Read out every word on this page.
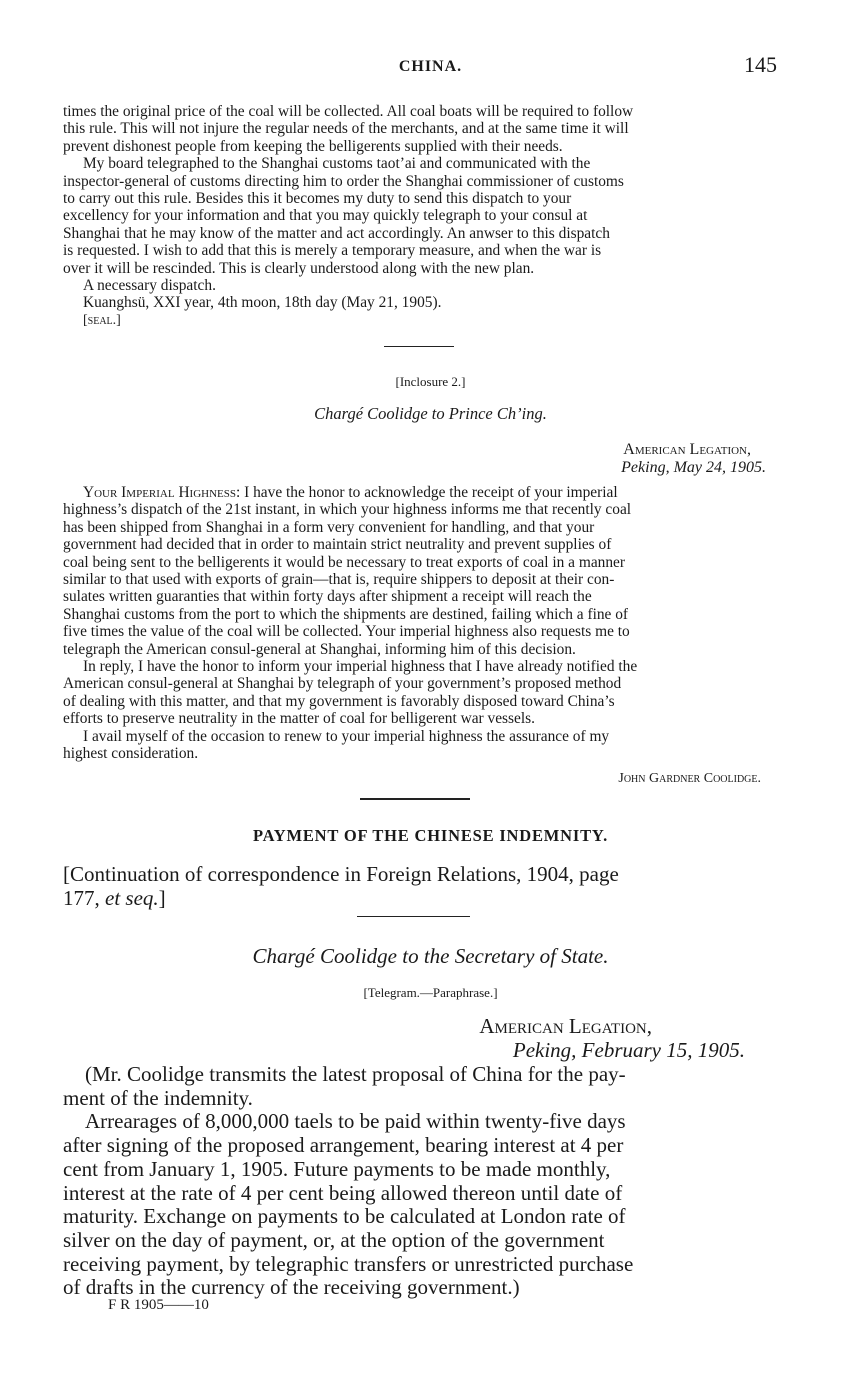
CHINA.	145

times the original price of the coal will be collected. All coal boats will be required to follow
this rule. This will not injure the regular needs of the merchants, and at the same time it will
prevent dishonest people from keeping the belligerents supplied with their needs.

My board telegraphed to the Shanghai customs taot’ai and communicated with the
inspector-general of customs directing him to order the Shanghai commissioner of customs
to carry out this rule. Besides this it becomes my duty to send this dispatch to your
excellency for your information and that you may quickly telegraph to your consul at
Shanghai that he may know of the matter and act accordingly. An anwser to this dispatch
is requested. I wish to add that this is merely a temporary measure, and when the war is
over it will be rescinded. This is clearly understood along with the new plan.

A necessary dispatch.

Kuanghsü, XXI year, 4th moon, 18th day (May 21, 1905).

[seal.]

[Inclosure 2.]
Chargé Coolidge to Prince Ch’ing.
American Legation,
Peking, May 24, 1905.

Your Imperial Highness: I have the honor to acknowledge the receipt of your imperial
highness’s dispatch of the 21st instant, in which your highness informs me that recently coal
has been shipped from Shanghai in a form very convenient for handling, and that your
government had decided that in order to maintain strict neutrality and prevent supplies of
coal being sent to the belligerents it would be necessary to treat exports of coal in a manner
similar to that used with exports of grain—that is, require shippers to deposit at their con-
sulates written guaranties that within forty days after shipment a receipt will reach the
Shanghai customs from the port to which the shipments are destined, failing which a fine of
five times the value of the coal will be collected. Your imperial highness also requests me to
telegraph the American consul-general at Shanghai, informing him of this decision.

In reply, I have the honor to inform your imperial highness that I have already notified the
American consul-general at Shanghai by telegraph of your government’s proposed method
of dealing with this matter, and that my government is favorably disposed toward China’s
efforts to preserve neutrality in the matter of coal for belligerent war vessels.

I avail myself of the occasion to renew to your imperial highness the assurance of my
highest consideration.

John Gardner Coolidge.
PAYMENT OF THE CHINESE INDEMNITY.

[Continuation of correspondence in Foreign Relations, 1904, page
177, et seq.]

Chargé Coolidge to the Secretary of State.
[Telegram.—Paraphrase.]
American Legation,
Peking, February 15, 1905.

(Mr. Coolidge transmits the latest proposal of China for the pay-
ment of the indemnity.

Arrearages of 8,000,000 taels to be paid within twenty-five days
after signing of the proposed arrangement, bearing interest at 4 per
cent from January 1, 1905. Future payments to be made monthly,
interest at the rate of 4 per cent being allowed thereon until date of
maturity. Exchange on payments to be calculated at London rate of
silver on the day of payment, or, at the option of the government
receiving payment, by telegraphic transfers or unrestricted purchase
of drafts in the currency of the receiving government.)

F R 1905——10
